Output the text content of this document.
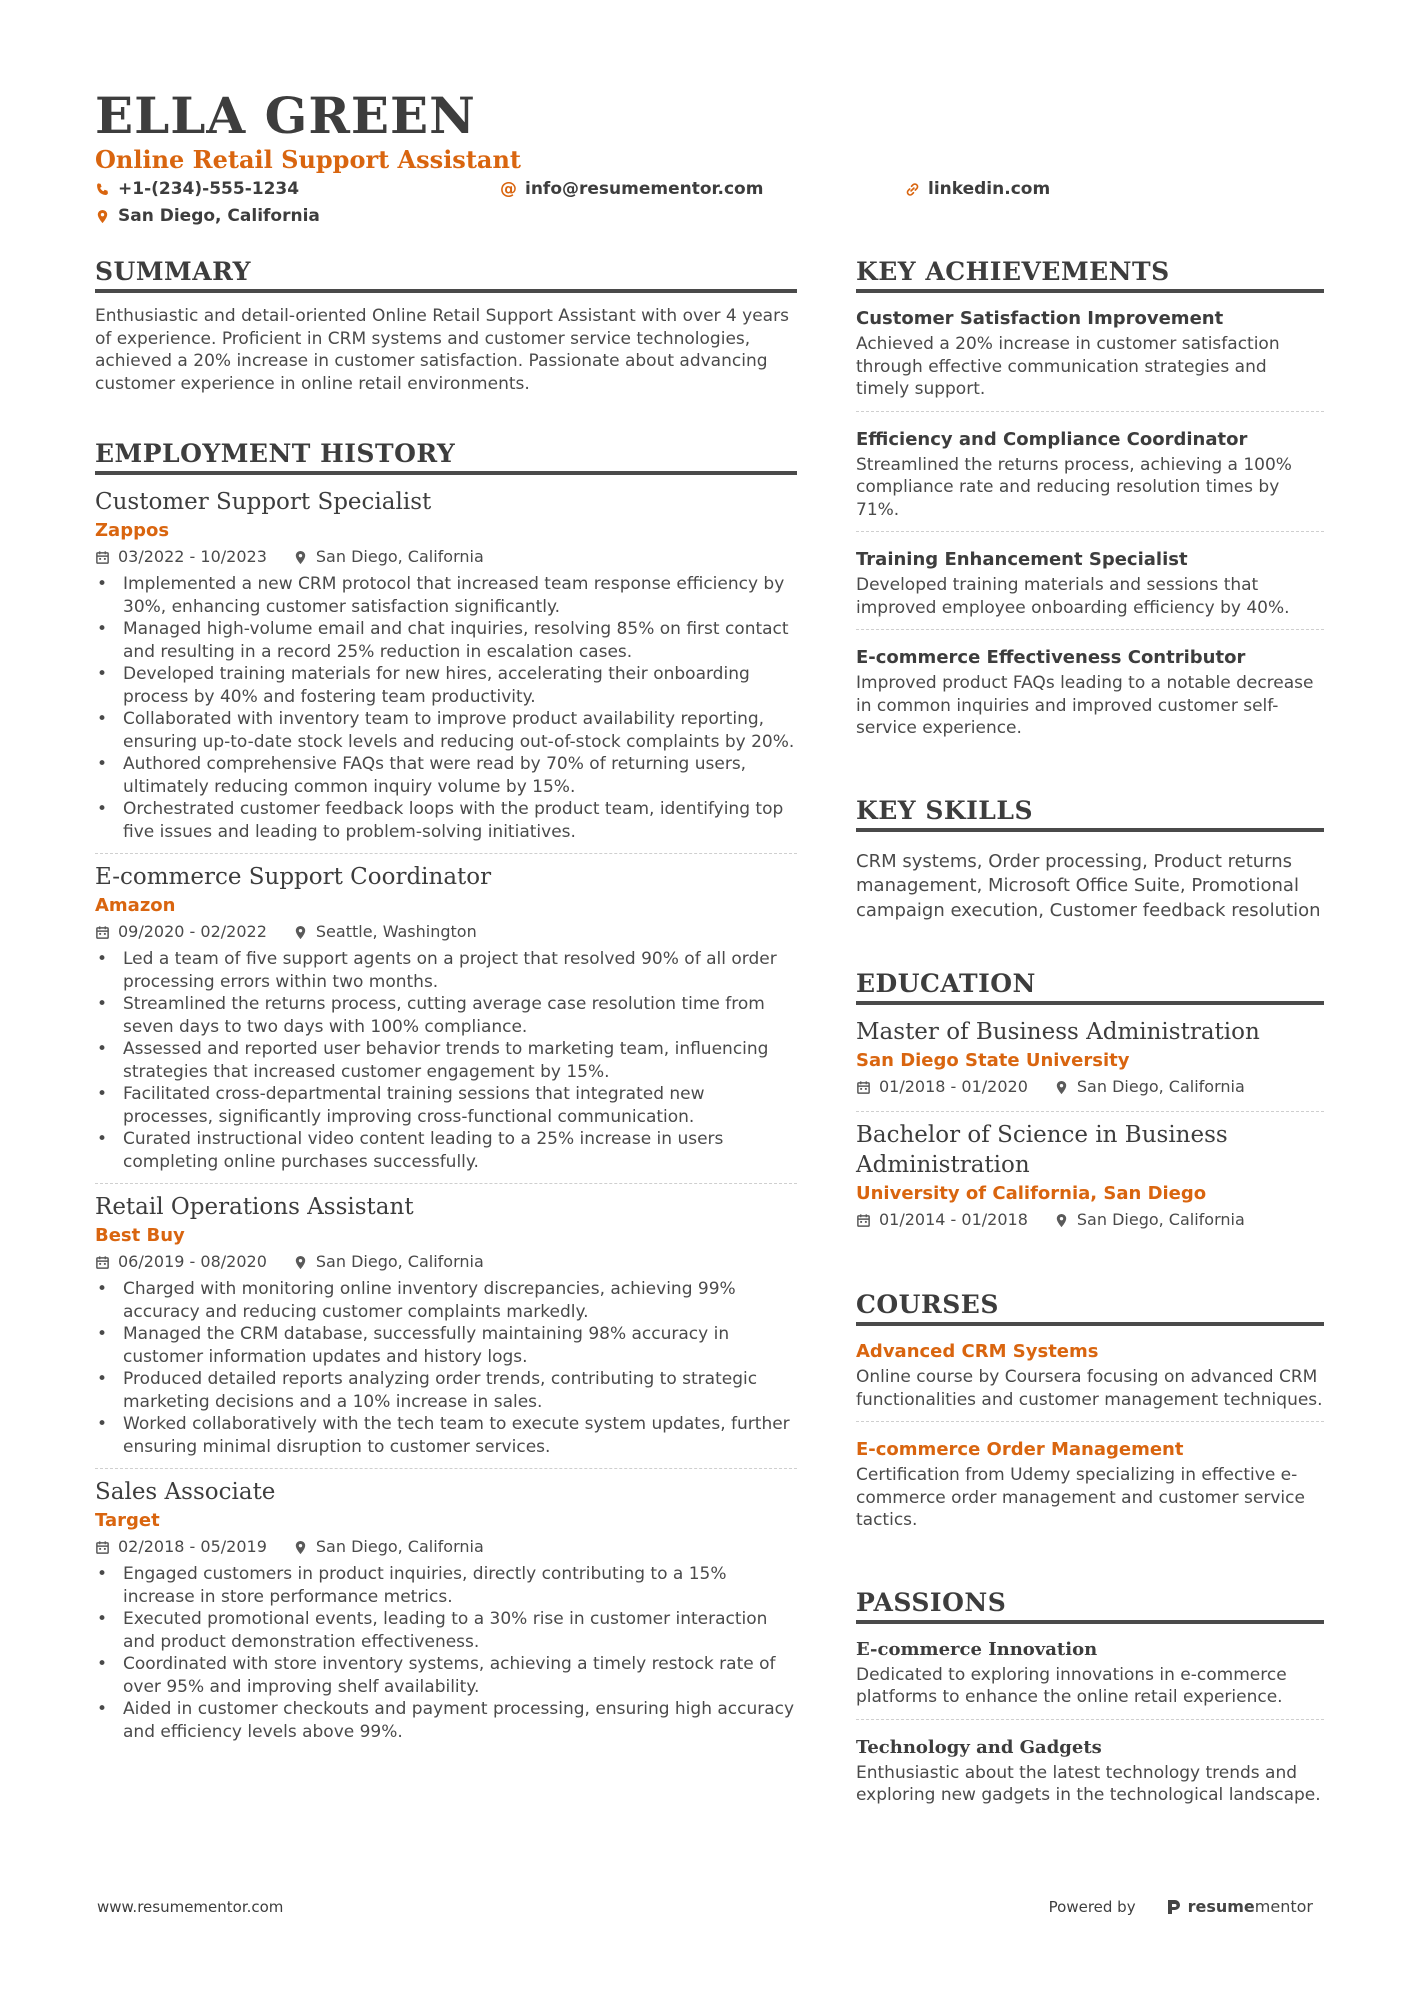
ELLA GREEN
Online Retail Support Assistant
+1-(234)-555-1234	@ info@resumementor.com	linkedin.com
San Diego, California
SUMMARY

Enthusiastic and detail-oriented Online Retail Support Assistant with over 4 years of experience. Proficient in CRM systems and customer service technologies, achieved a 20% increase in customer satisfaction. Passionate about advancing customer experience in online retail environments.

EMPLOYMENT HISTORY
Customer Support Specialist
Zappos
03/2022 - 10/2023	San Diego, California
• Implemented a new CRM protocol that increased team response efficiency by 30%, enhancing customer satisfaction significantly.
• Managed high-volume email and chat inquiries, resolving 85% on first contact and resulting in a record 25% reduction in escalation cases.
• Developed training materials for new hires, accelerating their onboarding process by 40% and fostering team productivity.
• Collaborated with inventory team to improve product availability reporting, ensuring up-to-date stock levels and reducing out-of-stock complaints by 20%.
• Authored comprehensive FAQs that were read by 70% of returning users, ultimately reducing common inquiry volume by 15%.
• Orchestrated customer feedback loops with the product team, identifying top five issues and leading to problem-solving initiatives.
E-commerce Support Coordinator
Amazon
09/2020 - 02/2022	Seattle, Washington
• Led a team of five support agents on a project that resolved 90% of all order processing errors within two months.
• Streamlined the returns process, cutting average case resolution time from seven days to two days with 100% compliance.
• Assessed and reported user behavior trends to marketing team, influencing strategies that increased customer engagement by 15%.
• Facilitated cross-departmental training sessions that integrated new processes, significantly improving cross-functional communication.
• Curated instructional video content leading to a 25% increase in users completing online purchases successfully.
Retail Operations Assistant
Best Buy
06/2019 - 08/2020	San Diego, California
• Charged with monitoring online inventory discrepancies, achieving 99% accuracy and reducing customer complaints markedly.
• Managed the CRM database, successfully maintaining 98% accuracy in customer information updates and history logs.
• Produced detailed reports analyzing order trends, contributing to strategic marketing decisions and a 10% increase in sales.
• Worked collaboratively with the tech team to execute system updates, further ensuring minimal disruption to customer services.
Sales Associate
Target
02/2018 - 05/2019	San Diego, California
• Engaged customers in product inquiries, directly contributing to a 15% increase in store performance metrics.
• Executed promotional events, leading to a 30% rise in customer interaction and product demonstration effectiveness.
• Coordinated with store inventory systems, achieving a timely restock rate of over 95% and improving shelf availability.
• Aided in customer checkouts and payment processing, ensuring high accuracy and efficiency levels above 99%.
KEY ACHIEVEMENTS
Customer Satisfaction Improvement

Achieved a 20% increase in customer satisfaction through effective communication strategies and timely support.

Efficiency and Compliance Coordinator

Streamlined the returns process, achieving a 100% compliance rate and reducing resolution times by 71%.

Training Enhancement Specialist

Developed training materials and sessions that improved employee onboarding efficiency by 40%.

E-commerce Effectiveness Contributor

Improved product FAQs leading to a notable decrease in common inquiries and improved customer self-service experience.

KEY SKILLS
CRM systems, Order processing, Product returns management, Microsoft Office Suite, Promotional campaign execution, Customer feedback resolution
EDUCATION
Master of Business Administration
San Diego State University
01/2018 - 01/2020	San Diego, California
Bachelor of Science in Business Administration
University of California, San Diego
01/2014 - 01/2018	San Diego, California
COURSES
Advanced CRM Systems

Online course by Coursera focusing on advanced CRM functionalities and customer management techniques.

E-commerce Order Management

Certification from Udemy specializing in effective e-commerce order management and customer service tactics.

PASSIONS
E-commerce Innovation

Dedicated to exploring innovations in e-commerce platforms to enhance the online retail experience.

Technology and Gadgets

Enthusiastic about the latest technology trends and exploring new gadgets in the technological landscape.

www.resumementor.com	Powered by	resumementor
